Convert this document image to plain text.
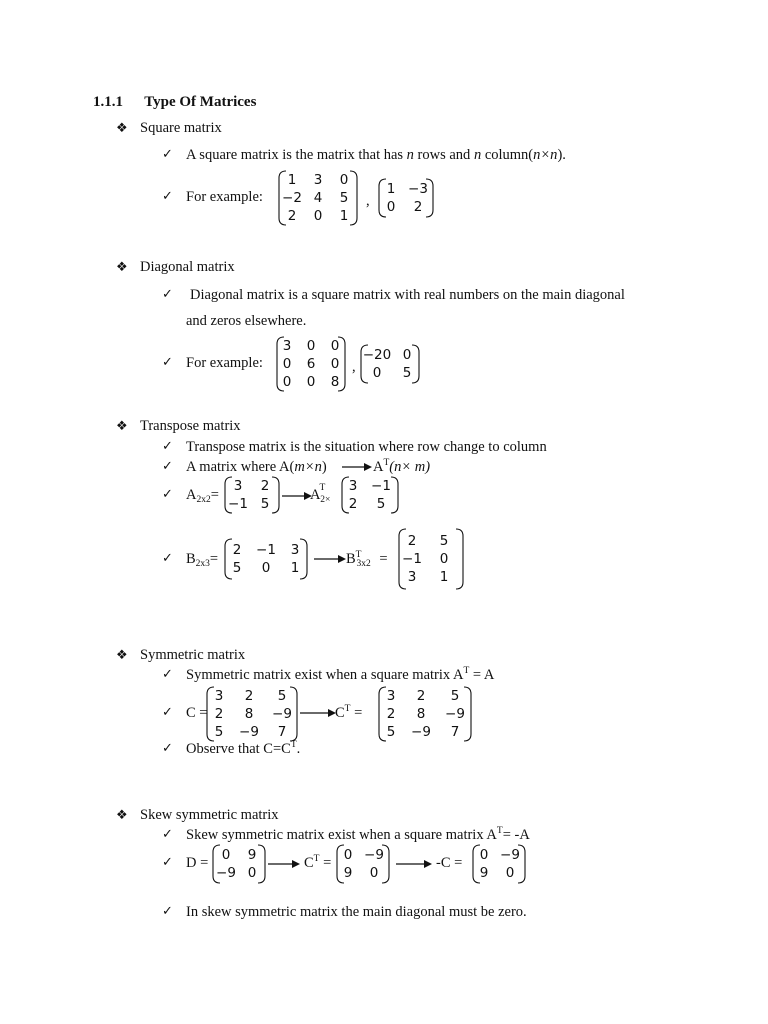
1.1.1 Type Of Matrices
❖ Square matrix
✓ A square matrix is the matrix that has n rows and n column(n×n).
✓ For example:
1	3	0
−2	4	5
2	0	1
,
1	−3
0	2
❖ Diagonal matrix
✓ Diagonal matrix is a square matrix with real numbers on the main diagonal
and zeros elsewhere.
✓ For example:
3	0	0
0	6	0
0	0	8
,
−20	0
0	5
❖ Transpose matrix
✓ Transpose matrix is the situation where row change to column
✓ A matrix where A(m×n)	$A^T(n\times m)$
✓ $A_{2x2}=$
3	2
−1	5
$A^T_{2\times}$
3	−1
2	5
✓ $B_{2x3}=$
2	−1	3
5	0	1
$B^T_{3x2}$ =
2	5
−1	0
3	1
❖ Symmetric matrix
✓ Symmetric matrix exist when a square matrix $A^T = A$
✓ C =
3	2	5
2	8	−9
5	−9	7
$C^T$ =
3	2	5
2	8	−9
5	−9	7
✓ Observe that $C=C^T$.
❖ Skew symmetric matrix
✓ Skew symmetric matrix exist when a square matrix $A^T= -A$
✓ D = 0	9
−9	0
$C^T = 0$	−9
9	0
-C = 0	−9
9	0
✓ In skew symmetric matrix the main diagonal must be zero.
